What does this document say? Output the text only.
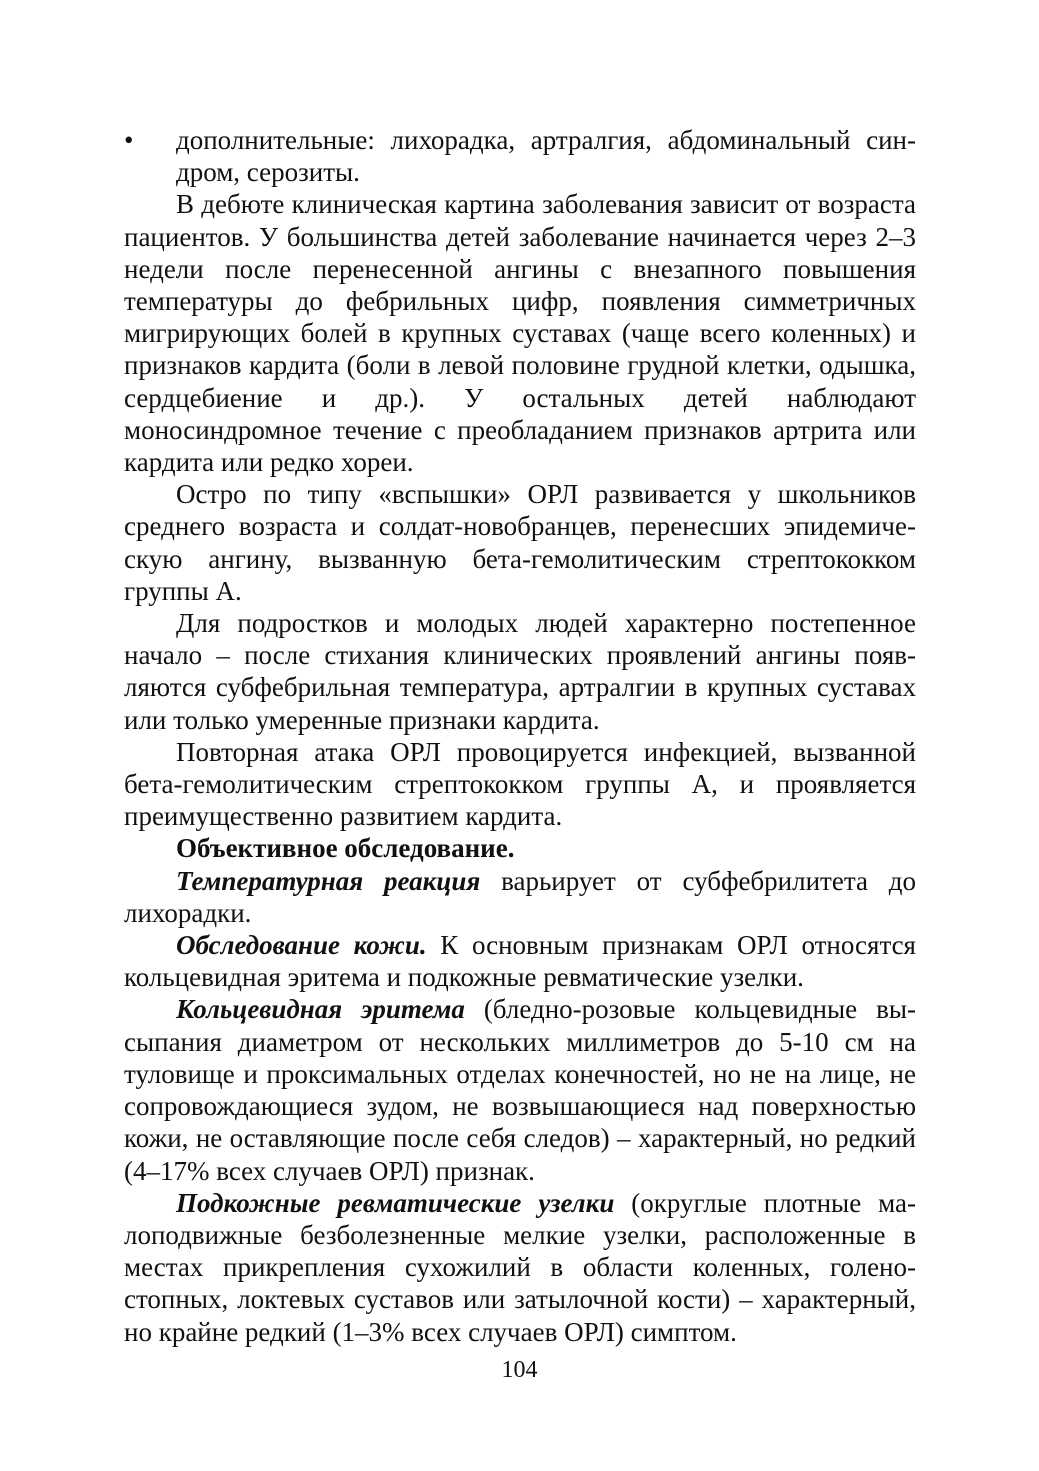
•	дополнительные: лихорадка, артралгия, абдоминальный синдром, серозиты.

В дебюте клиническая картина заболевания зависит от возраста пациентов. У большинства детей заболевание начинается через 2–3 недели после перенесенной ангины с внезапного повышения температуры до фебрильных цифр, появления симметричных мигрирующих болей в крупных суставах (чаще всего коленных) и признаков кардита (боли в левой половине грудной клетки, одышка, сердцебиение и др.). У остальных детей наблюдают моносиндромное течение с преобладанием признаков артрита или кардита или редко хореи.

Остро по типу «вспышки» ОРЛ развивается у школьников среднего возраста и солдат-новобранцев, перенесших эпидемическую ангину, вызванную бета-гемолитическим стрептококком группы А.

Для подростков и молодых людей характерно постепенное начало – после стихания клинических проявлений ангины появляются субфебрильная температура, артралгии в крупных суставах или только умеренные признаки кардита.

Повторная атака ОРЛ провоцируется инфекцией, вызванной бета-гемолитическим стрептококком группы А, и проявляется преимущественно развитием кардита.

Объективное обследование.

Температурная реакция варьирует от субфебрилитета до лихорадки.

Обследование кожи. К основным признакам ОРЛ относятся кольцевидная эритема и подкожные ревматические узелки.

Кольцевидная эритема (бледно-розовые кольцевидные высыпания диаметром от нескольких миллиметров до 5-10 см на туловище и проксимальных отделах конечностей, но не на лице, не сопровождающиеся зудом, не возвышающиеся над поверхностью кожи, не оставляющие после себя следов) – характерный, но редкий (4–17% всех случаев ОРЛ) признак.

Подкожные ревматические узелки (округлые плотные малоподвижные безболезненные мелкие узелки, расположенные в местах прикрепления сухожилий в области коленных, голеностопных, локтевых суставов или затылочной кости) – характерный, но крайне редкий (1–3% всех случаев ОРЛ) симптом.

104
